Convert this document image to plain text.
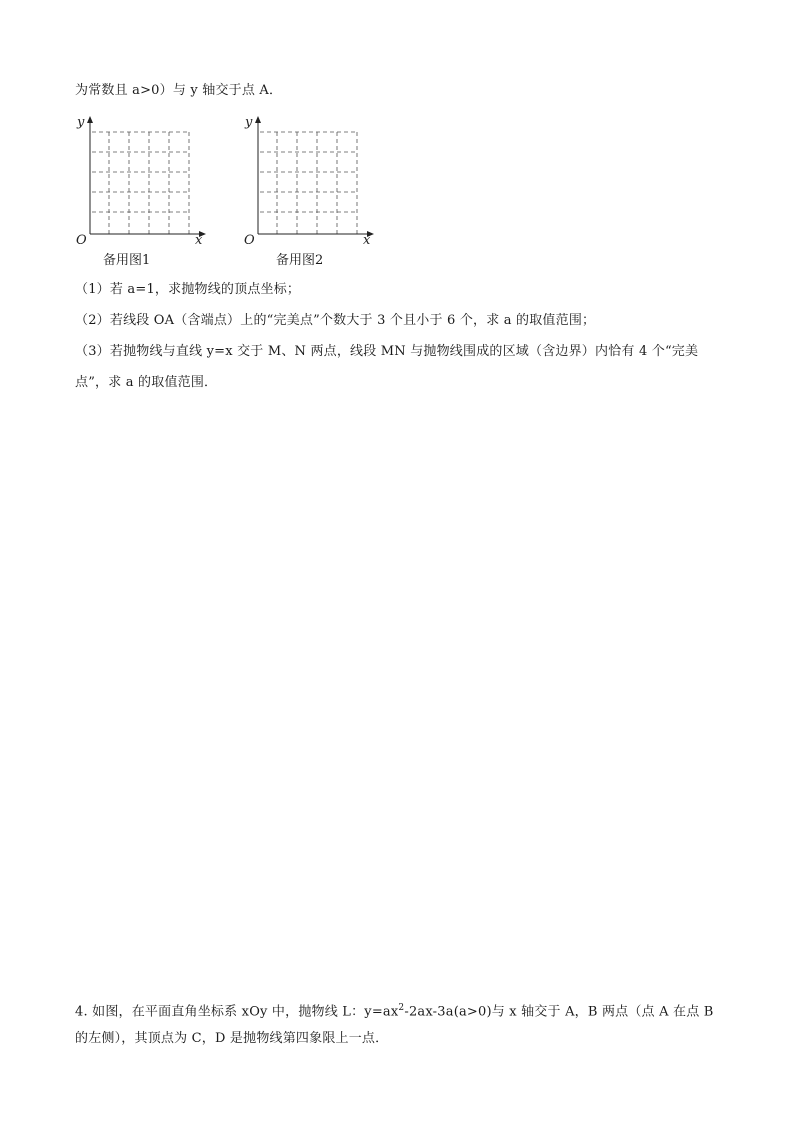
为常数且 a>0）与 y 轴交于点 A．
O	x
y
备用图1
O	x
y
备用图2
（1）若 a=1，求抛物线的顶点坐标；
（2）若线段 OA（含端点）上的“完美点”个数大于 3 个且小于 6 个，求 a 的取值范围；
（3）若抛物线与直线 y=x 交于 M、N 两点，线段 MN 与抛物线围成的区域（含边界）内恰有 4 个“完美
点”，求 a 的取值范围．
4. 如图，在平面直角坐标系 xOy 中，抛物线 L：$y=ax^2-2ax-3a(a>0)$与 x 轴交于 A，B 两点（点 A 在点 B
的左侧），其顶点为 C，D 是抛物线第四象限上一点．
